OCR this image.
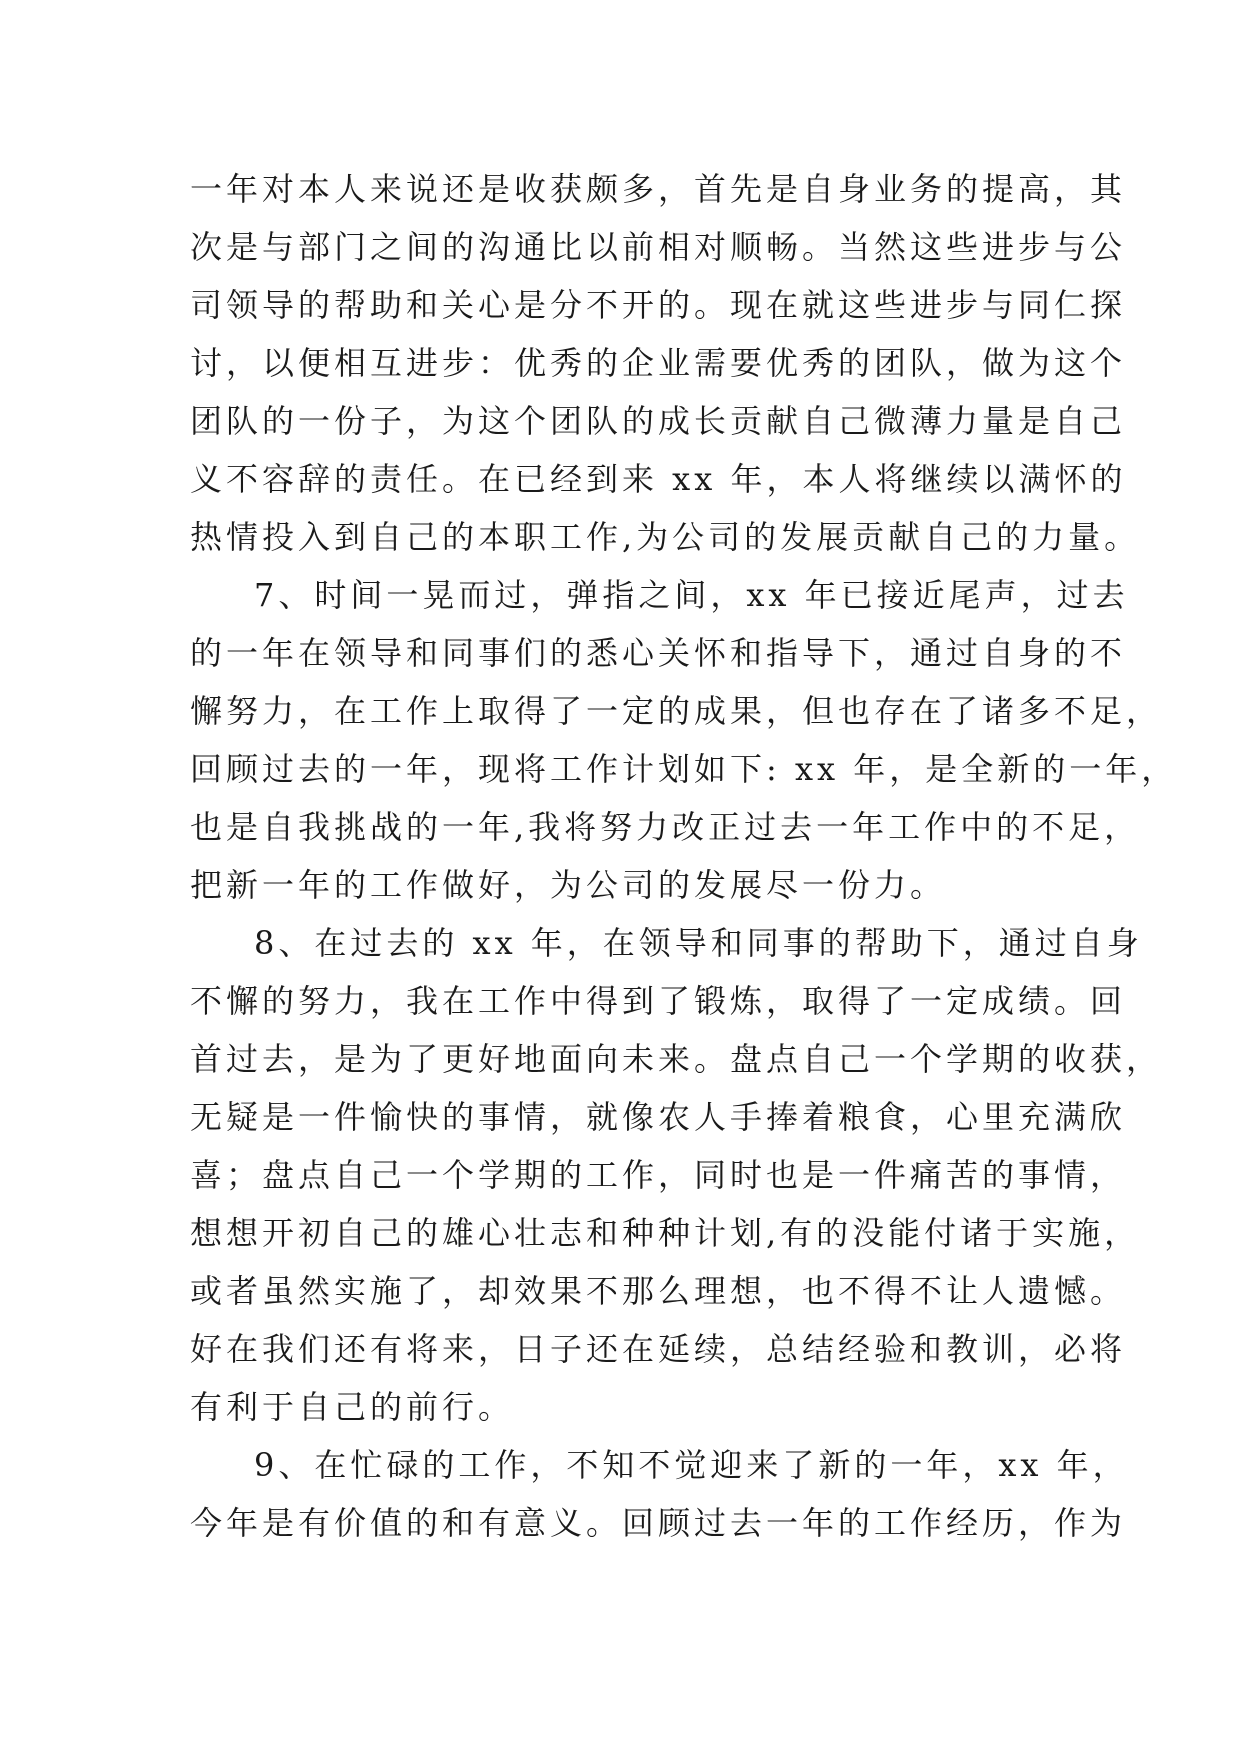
一年对本人来说还是收获颇多，首先是自身业务的提高，其
次是与部门之间的沟通比以前相对顺畅。当然这些进步与公
司领导的帮助和关心是分不开的。现在就这些进步与同仁探
讨，以便相互进步：优秀的企业需要优秀的团队，做为这个
团队的一份子，为这个团队的成长贡献自己微薄力量是自己
义不容辞的责任。在已经到来 xx 年，本人将继续以满怀的
热情投入到自己的本职工作,为公司的发展贡献自己的力量。
7、时间一晃而过，弹指之间，xx 年已接近尾声，过去
的一年在领导和同事们的悉心关怀和指导下，通过自身的不
懈努力，在工作上取得了一定的成果，但也存在了诸多不足，
回顾过去的一年，现将工作计划如下: xx 年，是全新的一年，
也是自我挑战的一年,我将努力改正过去一年工作中的不足，
把新一年的工作做好，为公司的发展尽一份力。
8、在过去的 xx 年，在领导和同事的帮助下，通过自身
不懈的努力，我在工作中得到了锻炼，取得了一定成绩。回
首过去，是为了更好地面向未来。盘点自己一个学期的收获，
无疑是一件愉快的事情，就像农人手捧着粮食，心里充满欣
喜；盘点自己一个学期的工作，同时也是一件痛苦的事情，
想想开初自己的雄心壮志和种种计划,有的没能付诸于实施，
或者虽然实施了，却效果不那么理想，也不得不让人遗憾。
好在我们还有将来，日子还在延续，总结经验和教训，必将
有利于自己的前行。
9、在忙碌的工作，不知不觉迎来了新的一年，xx 年，
今年是有价值的和有意义。回顾过去一年的工作经历，作为
